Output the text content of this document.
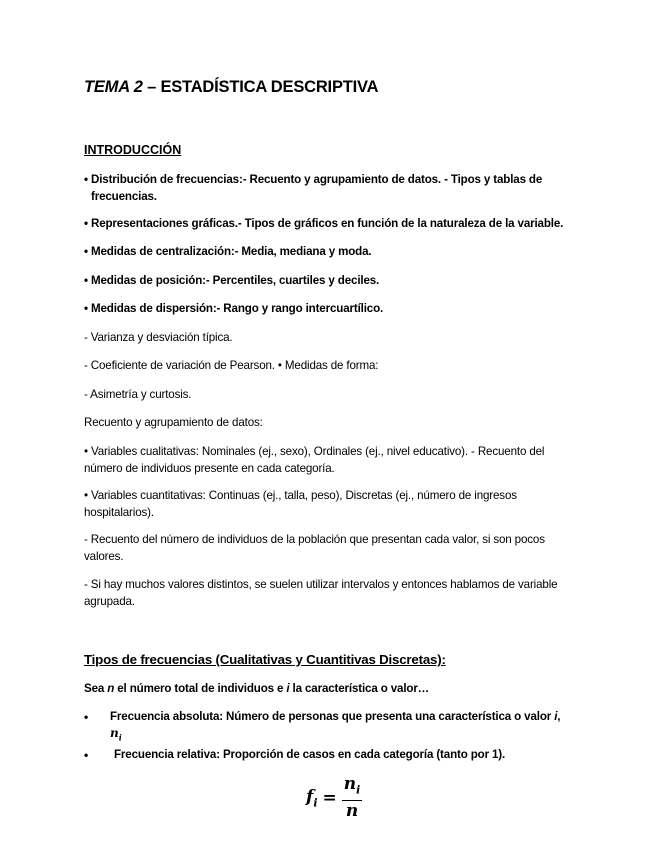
TEMA 2 – ESTADÍSTICA DESCRIPTIVA
INTRODUCCIÓN
• Distribución de frecuencias:- Recuento y agrupamiento de datos. - Tipos y tablas de
frecuencias.
• Representaciones gráficas.- Tipos de gráficos en función de la naturaleza de la variable.
• Medidas de centralización:- Media, mediana y moda.
• Medidas de posición:- Percentiles, cuartiles y deciles.
• Medidas de dispersión:- Rango y rango intercuartílico.
- Varianza y desviación típica.
- Coeficiente de variación de Pearson. • Medidas de forma:
- Asimetría y curtosis.
Recuento y agrupamiento de datos:
• Variables cualitativas: Nominales (ej., sexo), Ordinales (ej., nivel educativo). - Recuento del número de individuos presente en cada categoría.
• Variables cuantitativas: Continuas (ej., talla, peso), Discretas (ej., número de ingresos hospitalarios).
- Recuento del número de individuos de la población que presentan cada valor, si son pocos valores.
- Si hay muchos valores distintos, se suelen utilizar intervalos y entonces hablamos de variable agrupada.
Tipos de frecuencias (Cualitativas y Cuantitivas Discretas):
Sea n el número total de individuos e i la característica o valor…
• Frecuencia absoluta: Número de personas que presenta una característica o valor i,
$n_i$
• Frecuencia relativa: Proporción de casos en cada categoría (tanto por 1).
$f_i = \frac{n_i}{n}$
